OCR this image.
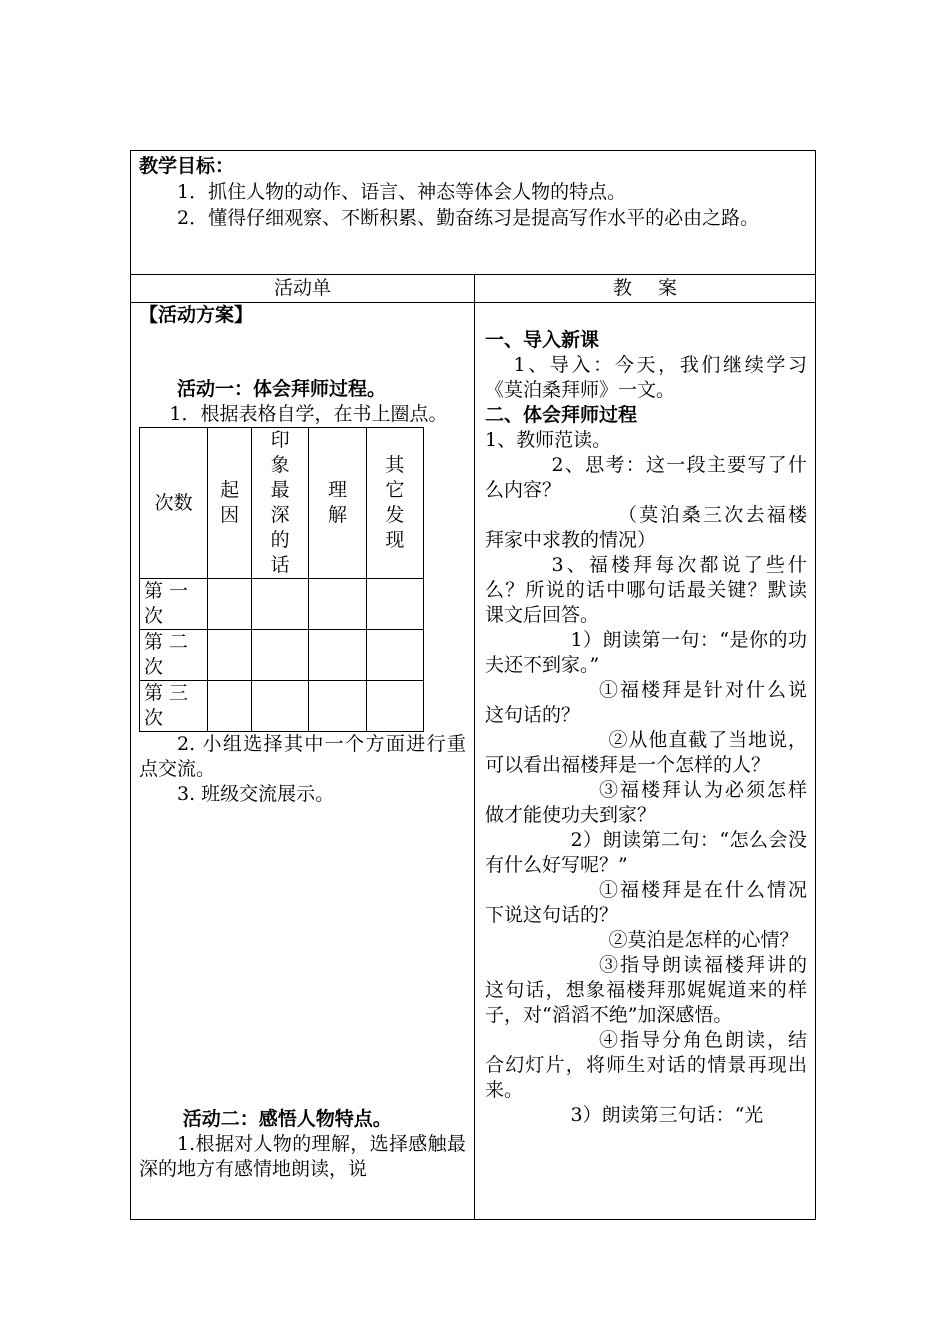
教学目标：

1．抓住人物的动作、语言、神态等体会人物的特点。

2．懂得仔细观察、不断积累、勤奋练习是提高写作水平的必由之路。

活动单	教案

【活动方案】

活动一：体会拜师过程。

1．根据表格自学，在书上圈点。

次数	起因	印象最深的话	理解	其它发现

第一次				
第二次				
第三次				

2. 小组选择其中一个方面进行重点交流。

3. 班级交流展示。

活动二：感悟人物特点。

1.根据对人物的理解，选择感触最深的地方有感情地朗读，说

一、导入新课

1、导入：今天，我们继续学习《莫泊桑拜师》一文。

二、体会拜师过程

1、教师范读。

2、思考：这一段主要写了什么内容？

（莫泊桑三次去福楼拜家中求教的情况）

3、福楼拜每次都说了些什么？所说的话中哪句话最关键？默读课文后回答。

1）朗读第一句：“是你的功夫还不到家。”

①福楼拜是针对什么说这句话的？

②从他直截了当地说，可以看出福楼拜是一个怎样的人？

③福楼拜认为必须怎样做才能使功夫到家？

2）朗读第二句：“怎么会没有什么好写呢？”

①福楼拜是在什么情况下说这句话的？

②莫泊是怎样的心情？

③指导朗读福楼拜讲的这句话，想象福楼拜那娓娓道来的样子，对“滔滔不绝”加深感悟。

④指导分角色朗读，结合幻灯片，将师生对话的情景再现出来。

3）朗读第三句话：“光
